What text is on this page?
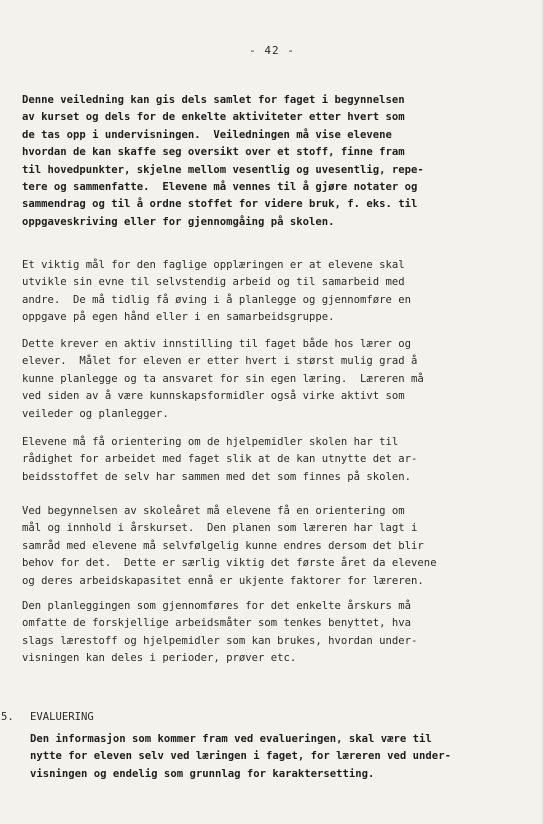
- 42 -

Denne veiledning kan gis dels samlet for faget i begynnelsen
av kurset og dels for de enkelte aktiviteter etter hvert som
de tas opp i undervisningen.  Veiledningen må vise elevene
hvordan de kan skaffe seg oversikt over et stoff, finne fram
til hovedpunkter, skjelne mellom vesentlig og uvesentlig, repe-
tere og sammenfatte.  Elevene må vennes til å gjøre notater og
sammendrag og til å ordne stoffet for videre bruk, f. eks. til
oppgaveskriving eller for gjennomgåing på skolen.

Et viktig mål for den faglige opplæringen er at elevene skal
utvikle sin evne til selvstendig arbeid og til samarbeid med
andre.  De må tidlig få øving i å planlegge og gjennomføre en
oppgave på egen hånd eller i en samarbeidsgruppe.

Dette krever en aktiv innstilling til faget både hos lærer og
elever.  Målet for eleven er etter hvert i størst mulig grad å
kunne planlegge og ta ansvaret for sin egen læring.  Læreren må
ved siden av å være kunnskapsformidler også virke aktivt som
veileder og planlegger.

Elevene må få orientering om de hjelpemidler skolen har til
rådighet for arbeidet med faget slik at de kan utnytte det ar-
beidsstoffet de selv har sammen med det som finnes på skolen.

Ved begynnelsen av skoleåret må elevene få en orientering om
mål og innhold i årskurset.  Den planen som læreren har lagt i
samråd med elevene må selvfølgelig kunne endres dersom det blir
behov for det.  Dette er særlig viktig det første året da elevene
og deres arbeidskapasitet ennå er ukjente faktorer for læreren.

Den planleggingen som gjennomføres for det enkelte årskurs må
omfatte de forskjellige arbeidsmåter som tenkes benyttet, hva
slags lærestoff og hjelpemidler som kan brukes, hvordan under-
visningen kan deles i perioder, prøver etc.

5. EVALUERING

Den informasjon som kommer fram ved evalueringen, skal være til
nytte for eleven selv ved læringen i faget, for læreren ved under-
visningen og endelig som grunnlag for karaktersetting.
